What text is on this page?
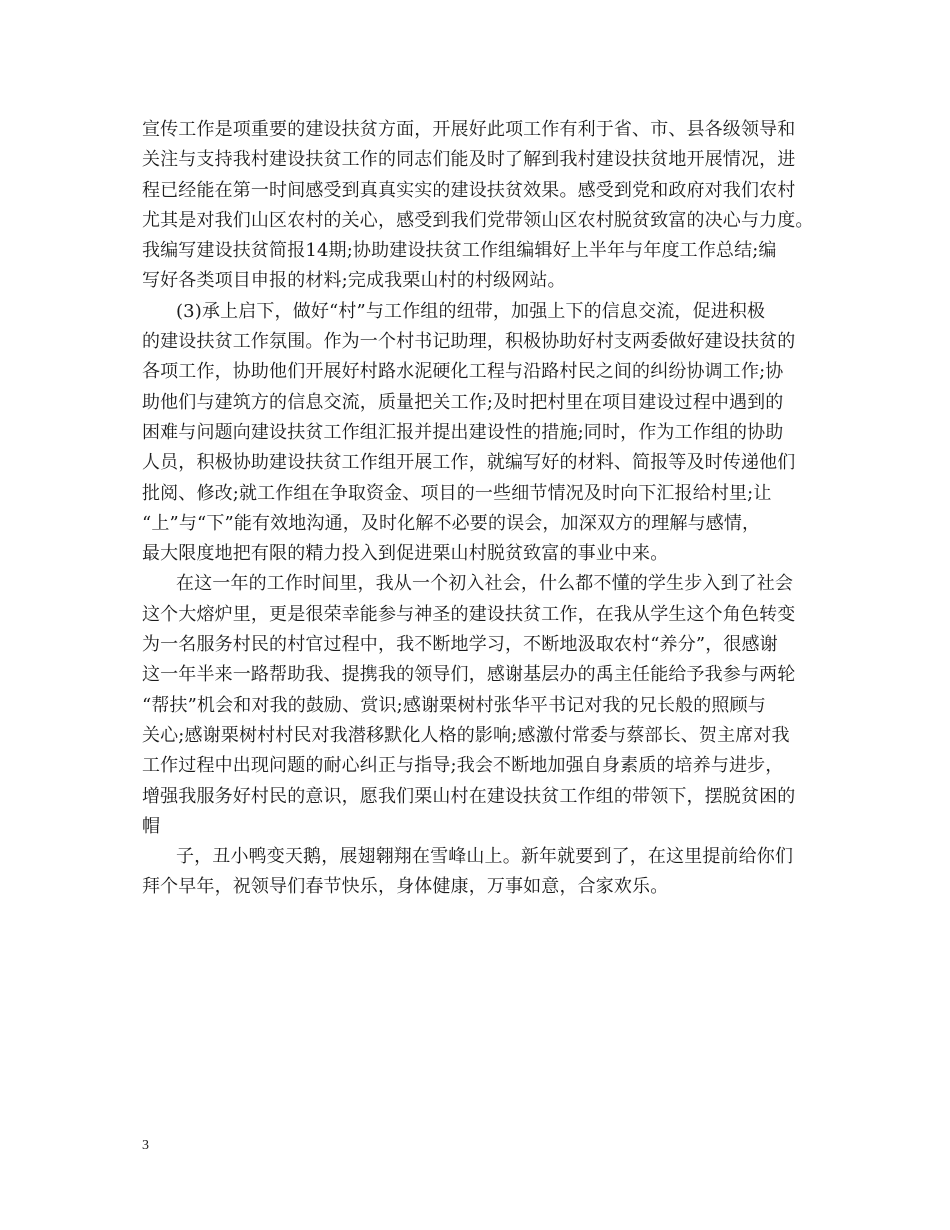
宣传工作是项重要的建设扶贫方面，开展好此项工作有利于省、市、县各级领导和
关注与支持我村建设扶贫工作的同志们能及时了解到我村建设扶贫地开展情况，进
程已经能在第一时间感受到真真实实的建设扶贫效果。感受到党和政府对我们农村
尤其是对我们山区农村的关心，感受到我们党带领山区农村脱贫致富的决心与力度。
我编写建设扶贫简报14期;协助建设扶贫工作组编辑好上半年与年度工作总结;编
写好各类项目申报的材料;完成我栗山村的村级网站。
(3)承上启下，做好“村”与工作组的纽带，加强上下的信息交流，促进积极
的建设扶贫工作氛围。作为一个村书记助理，积极协助好村支两委做好建设扶贫的
各项工作，协助他们开展好村路水泥硬化工程与沿路村民之间的纠纷协调工作;协
助他们与建筑方的信息交流，质量把关工作;及时把村里在项目建设过程中遇到的
困难与问题向建设扶贫工作组汇报并提出建设性的措施;同时，作为工作组的协助
人员，积极协助建设扶贫工作组开展工作，就编写好的材料、简报等及时传递他们
批阅、修改;就工作组在争取资金、项目的一些细节情况及时向下汇报给村里;让
“上”与“下”能有效地沟通，及时化解不必要的误会，加深双方的理解与感情，
最大限度地把有限的精力投入到促进栗山村脱贫致富的事业中来。
在这一年的工作时间里，我从一个初入社会，什么都不懂的学生步入到了社会
这个大熔炉里，更是很荣幸能参与神圣的建设扶贫工作，在我从学生这个角色转变
为一名服务村民的村官过程中，我不断地学习，不断地汲取农村“养分”，很感谢
这一年半来一路帮助我、提携我的领导们，感谢基层办的禹主任能给予我参与两轮
“帮扶”机会和对我的鼓励、赏识;感谢栗树村张华平书记对我的兄长般的照顾与
关心;感谢栗树村村民对我潜移默化人格的影响;感激付常委与蔡部长、贺主席对我
工作过程中出现问题的耐心纠正与指导;我会不断地加强自身素质的培养与进步，
增强我服务好村民的意识，愿我们栗山村在建设扶贫工作组的带领下，摆脱贫困的
帽
子，丑小鸭变天鹅，展翅翱翔在雪峰山上。新年就要到了，在这里提前给你们
拜个早年，祝领导们春节快乐，身体健康，万事如意，合家欢乐。
3
